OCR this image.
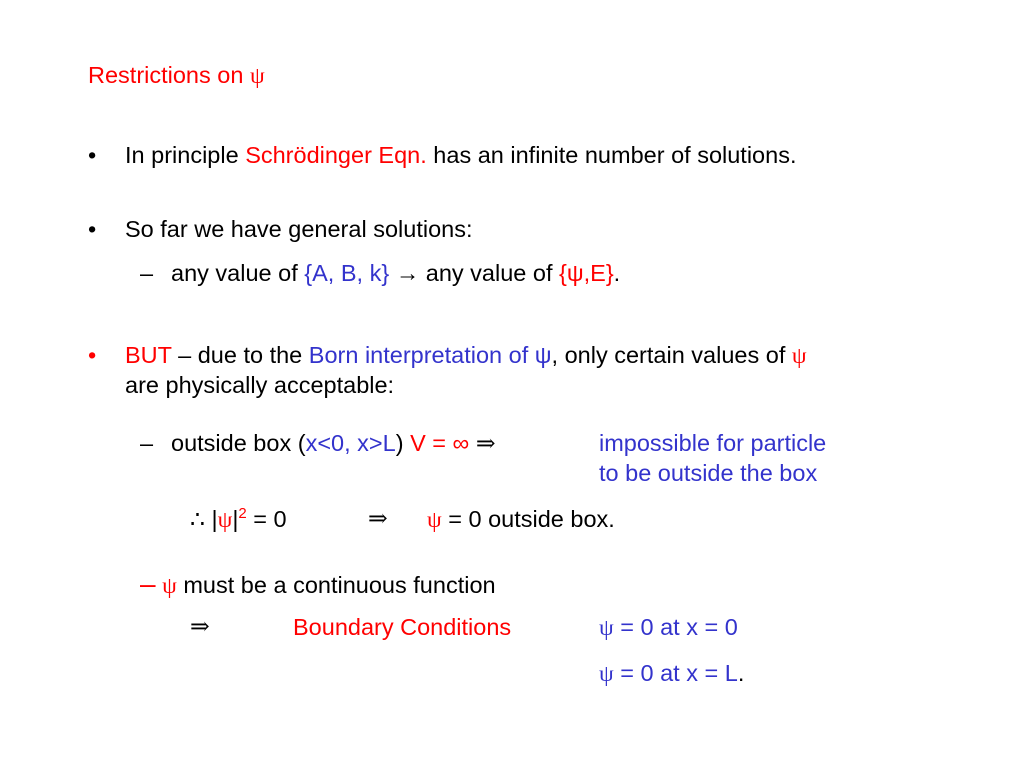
Restrictions on ψ
• In principle Schrödinger Eqn. has an infinite number of solutions.
• So far we have general solutions:
– any value of {A, B, k} → any value of {ψ,E}.
• BUT – due to the Born interpretation of ψ, only certain values of ψ
are physically acceptable:
– outside box (x<0, x>L) V = ∞ ⇒	impossible for particle
to be outside the box
∴ $|\psi|^2 = 0$	⇒ ψ = 0 outside box.
– ψ must be a continuous function
⇒	Boundary Conditions	ψ = 0 at x = 0
ψ = 0 at x = L.
